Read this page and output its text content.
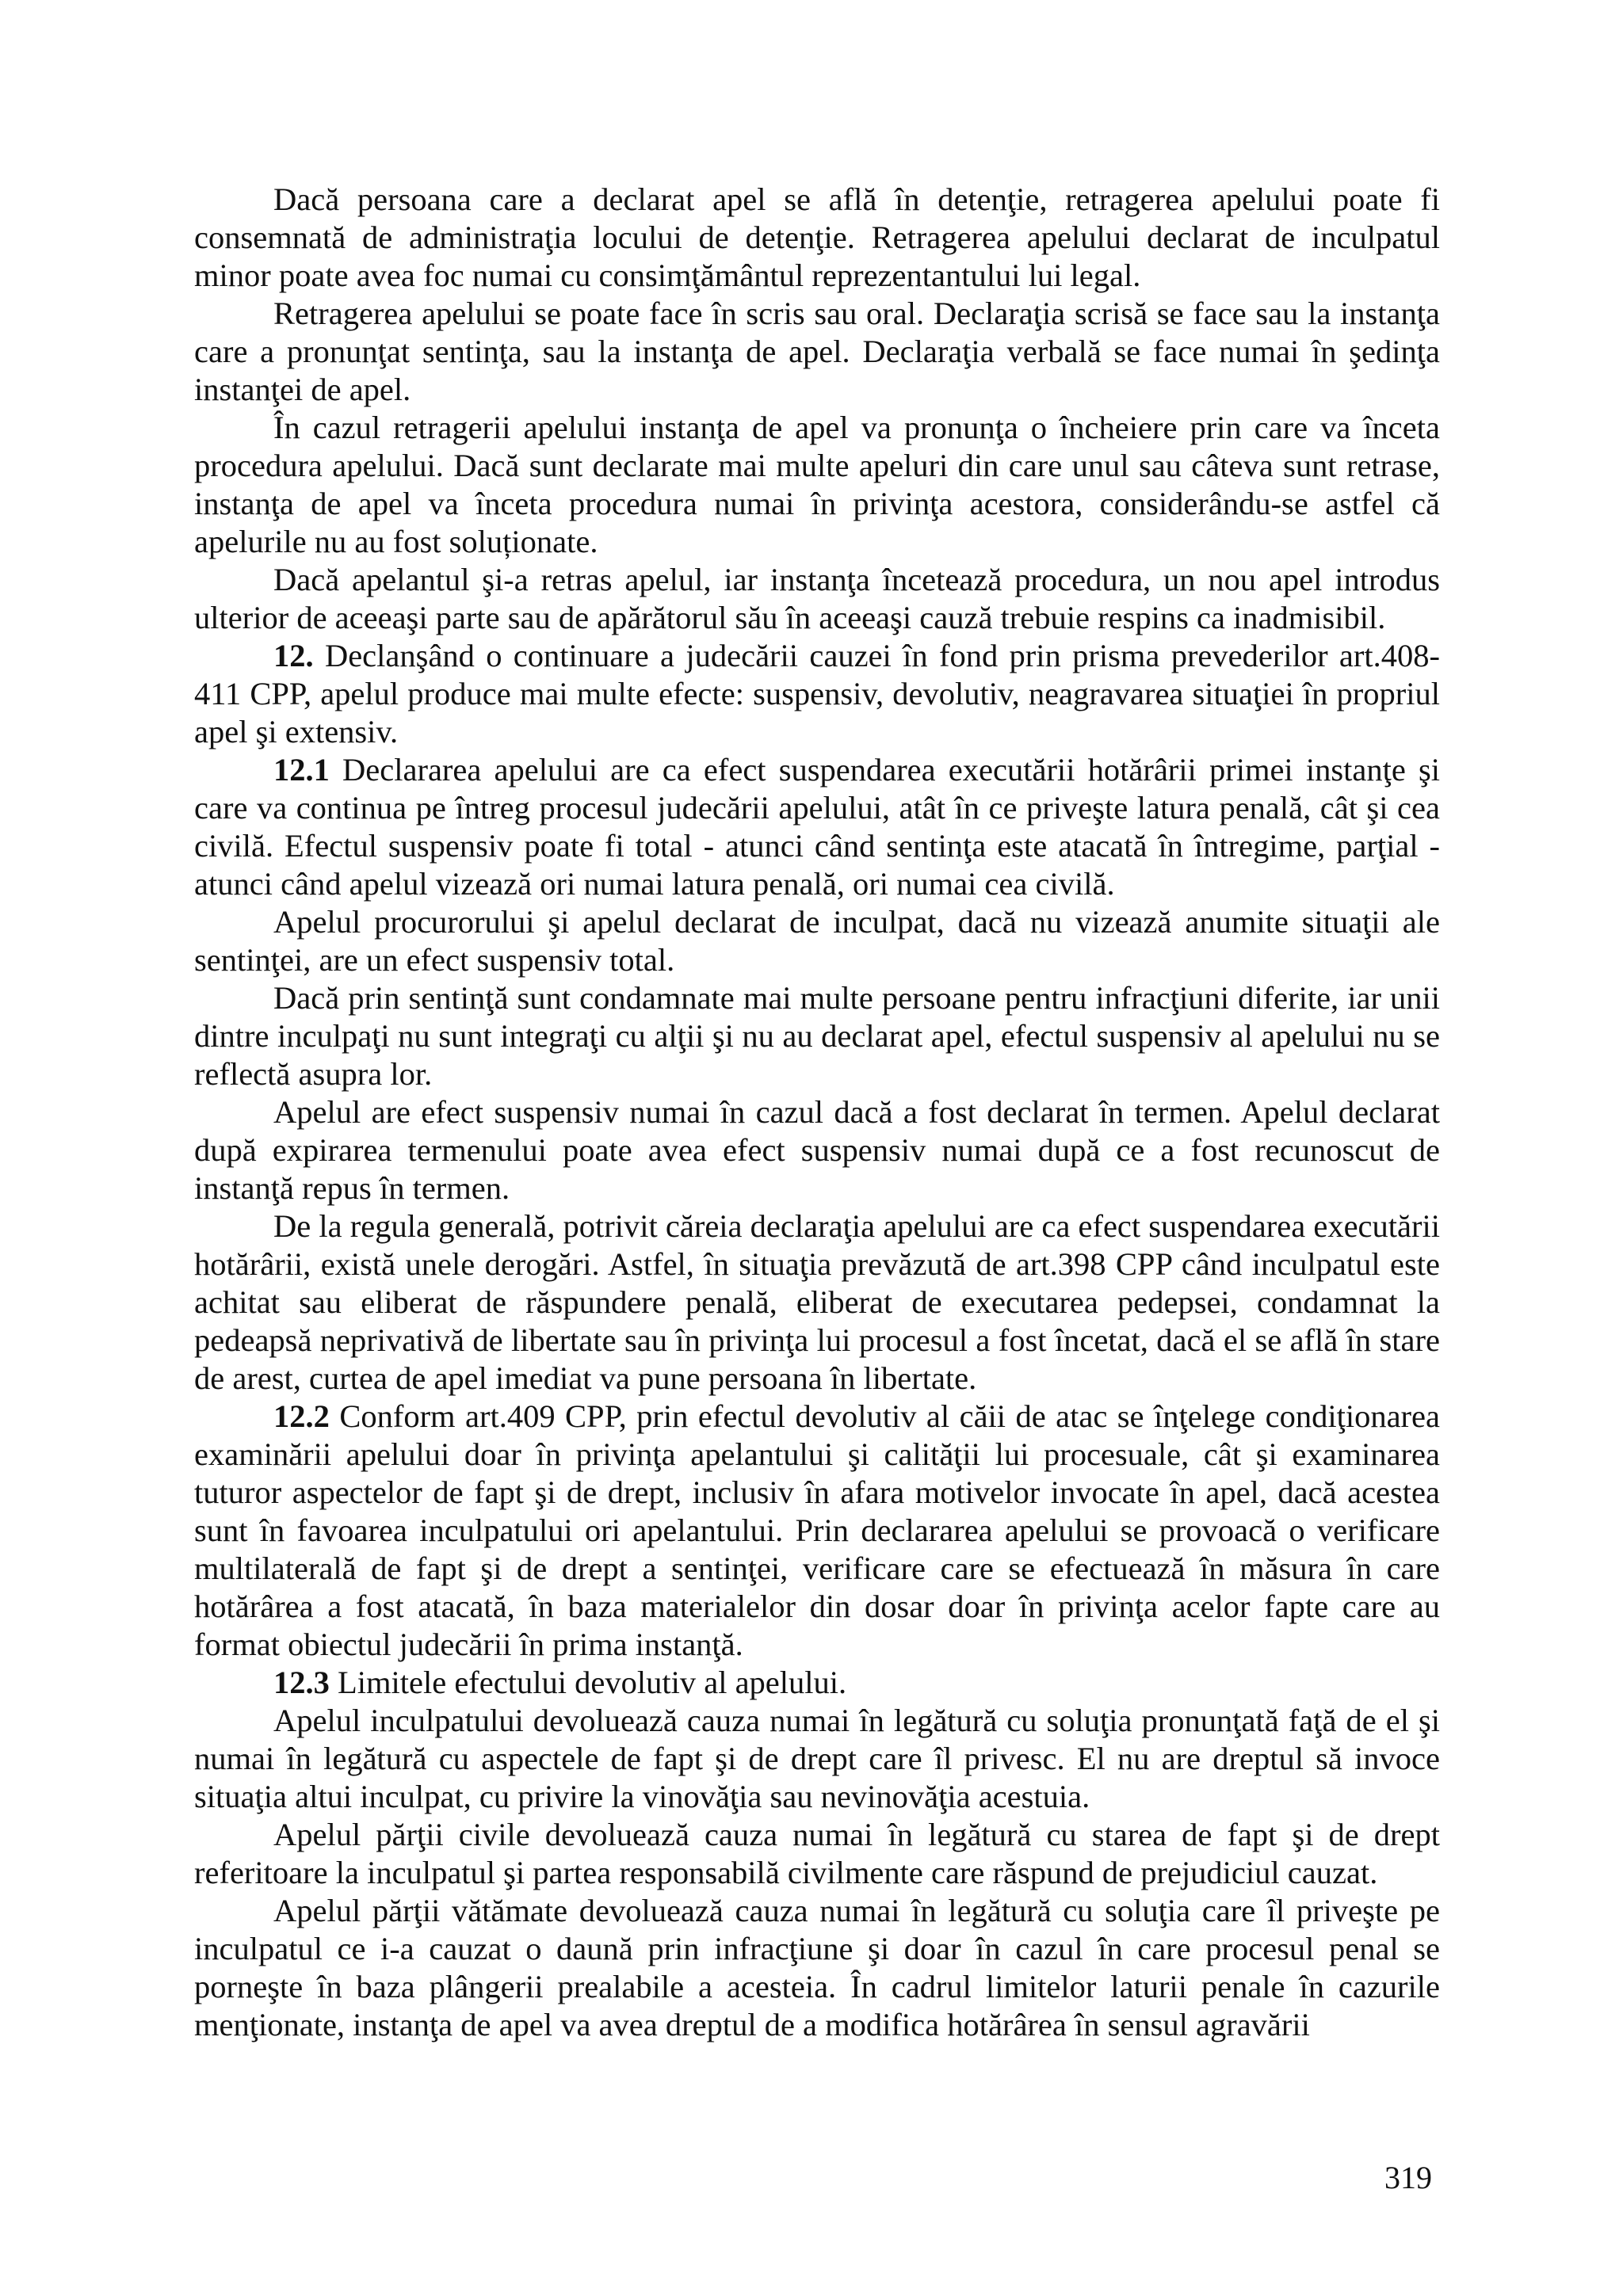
Dacă persoana care a declarat apel se află în detenţie, retragerea apelului poate fi consemnată de administraţia locului de detenţie. Retragerea apelului declarat de inculpatul minor poate avea foc numai cu consimţământul reprezentantului lui legal.

Retragerea apelului se poate face în scris sau oral. Declaraţia scrisă se face sau la instanţa care a pronunţat sentinţa, sau la instanţa de apel. Declaraţia verbală se face numai în şedinţa instanţei de apel.

În cazul retragerii apelului instanţa de apel va pronunţa o încheiere prin care va înceta procedura apelului. Dacă sunt declarate mai multe apeluri din care unul sau câteva sunt retrase, instanţa de apel va înceta procedura numai în privinţa acestora, considerându-se astfel că apelurile nu au fost soluționate.

Dacă apelantul şi-a retras apelul, iar instanţa încetează procedura, un nou apel introdus ulterior de aceeaşi parte sau de apărătorul său în aceeaşi cauză trebuie respins ca inadmisibil.

12. Declanşând o continuare a judecării cauzei în fond prin prisma prevederilor art.408-411 CPP, apelul produce mai multe efecte: suspensiv, devolutiv, neagravarea situaţiei în propriul apel şi extensiv.

12.1 Declararea apelului are ca efect suspendarea executării hotărârii primei instanţe şi care va continua pe întreg procesul judecării apelului, atât în ce priveşte latura penală, cât şi cea civilă. Efectul suspensiv poate fi total - atunci când sentinţa este atacată în întregime, parţial - atunci când apelul vizează ori numai latura penală, ori numai cea civilă.

Apelul procurorului şi apelul declarat de inculpat, dacă nu vizează anumite situaţii ale sentinţei, are un efect suspensiv total.

Dacă prin sentinţă sunt condamnate mai multe persoane pentru infracţiuni diferite, iar unii dintre inculpaţi nu sunt integraţi cu alţii şi nu au declarat apel, efectul suspensiv al apelului nu se reflectă asupra lor.

Apelul are efect suspensiv numai în cazul dacă a fost declarat în termen. Apelul declarat după expirarea termenului poate avea efect suspensiv numai după ce a fost recunoscut de instanţă repus în termen.

De la regula generală, potrivit căreia declaraţia apelului are ca efect suspendarea executării hotărârii, există unele derogări. Astfel, în situaţia prevăzută de art.398 CPP când inculpatul este achitat sau eliberat de răspundere penală, eliberat de executarea pedepsei, condamnat la pedeapsă neprivativă de libertate sau în privinţa lui procesul a fost încetat, dacă el se află în stare de arest, curtea de apel imediat va pune persoana în libertate.

12.2 Conform art.409 CPP, prin efectul devolutiv al căii de atac se înţelege condiţionarea examinării apelului doar în privinţa apelantului şi calităţii lui procesuale, cât şi examinarea tuturor aspectelor de fapt şi de drept, inclusiv în afara motivelor invocate în apel, dacă acestea sunt în favoarea inculpatului ori apelantului. Prin declararea apelului se provoacă o verificare multilaterală de fapt şi de drept a sentinţei, verificare care se efectuează în măsura în care hotărârea a fost atacată, în baza materialelor din dosar doar în privinţa acelor fapte care au format obiectul judecării în prima instanţă.

12.3 Limitele efectului devolutiv al apelului.

Apelul inculpatului devoluează cauza numai în legătură cu soluţia pronunţată faţă de el şi numai în legătură cu aspectele de fapt şi de drept care îl privesc. El nu are dreptul să invoce situaţia altui inculpat, cu privire la vinovăţia sau nevinovăţia acestuia.

Apelul părţii civile devoluează cauza numai în legătură cu starea de fapt şi de drept referitoare la inculpatul şi partea responsabilă civilmente care răspund de prejudiciul cauzat.

Apelul părţii vătămate devoluează cauza numai în legătură cu soluţia care îl priveşte pe inculpatul ce i-a cauzat o daună prin infracţiune şi doar în cazul în care procesul penal se porneşte în baza plângerii prealabile a acesteia. În cadrul limitelor laturii penale în cazurile menţionate, instanţa de apel va avea dreptul de a modifica hotărârea în sensul agravării

319
